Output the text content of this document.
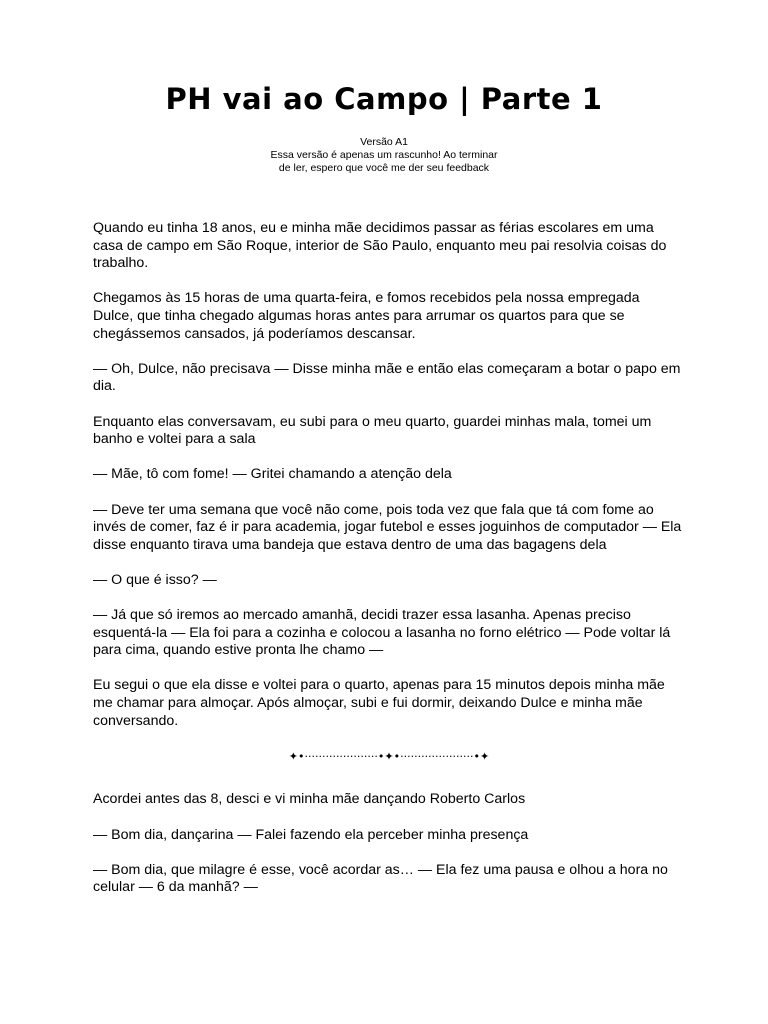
PH vai ao Campo | Parte 1
Versão A1
Essa versão é apenas um rascunho! Ao terminar
de ler, espero que você me der seu feedback

Quando eu tinha 18 anos, eu e minha mãe decidimos passar as férias escolares em uma casa de campo em São Roque, interior de São Paulo, enquanto meu pai resolvia coisas do trabalho.

Chegamos às 15 horas de uma quarta-feira, e fomos recebidos pela nossa empregada Dulce, que tinha chegado algumas horas antes para arrumar os quartos para que se chegássemos cansados, já poderíamos descansar.

— Oh, Dulce, não precisava — Disse minha mãe e então elas começaram a botar o papo em dia.

Enquanto elas conversavam, eu subi para o meu quarto, guardei minhas mala, tomei um banho e voltei para a sala

— Mãe, tô com fome! — Gritei chamando a atenção dela

— Deve ter uma semana que você não come, pois toda vez que fala que tá com fome ao invés de comer, faz é ir para academia, jogar futebol e esses joguinhos de computador — Ela disse enquanto tirava uma bandeja que estava dentro de uma das bagagens dela

— O que é isso? —

— Já que só iremos ao mercado amanhã, decidi trazer essa lasanha. Apenas preciso esquentá-la — Ela foi para a cozinha e colocou a lasanha no forno elétrico — Pode voltar lá para cima, quando estive pronta lhe chamo —

Eu segui o que ela disse e voltei para o quarto, apenas para 15 minutos depois minha mãe me chamar para almoçar. Após almoçar, subi e fui dormir, deixando Dulce e minha mãe conversando.

✦•·····················•✦•·····················•✦

Acordei antes das 8, desci e vi minha mãe dançando Roberto Carlos

— Bom dia, dançarina — Falei fazendo ela perceber minha presença

— Bom dia, que milagre é esse, você acordar as… — Ela fez uma pausa e olhou a hora no celular — 6 da manhã? —
